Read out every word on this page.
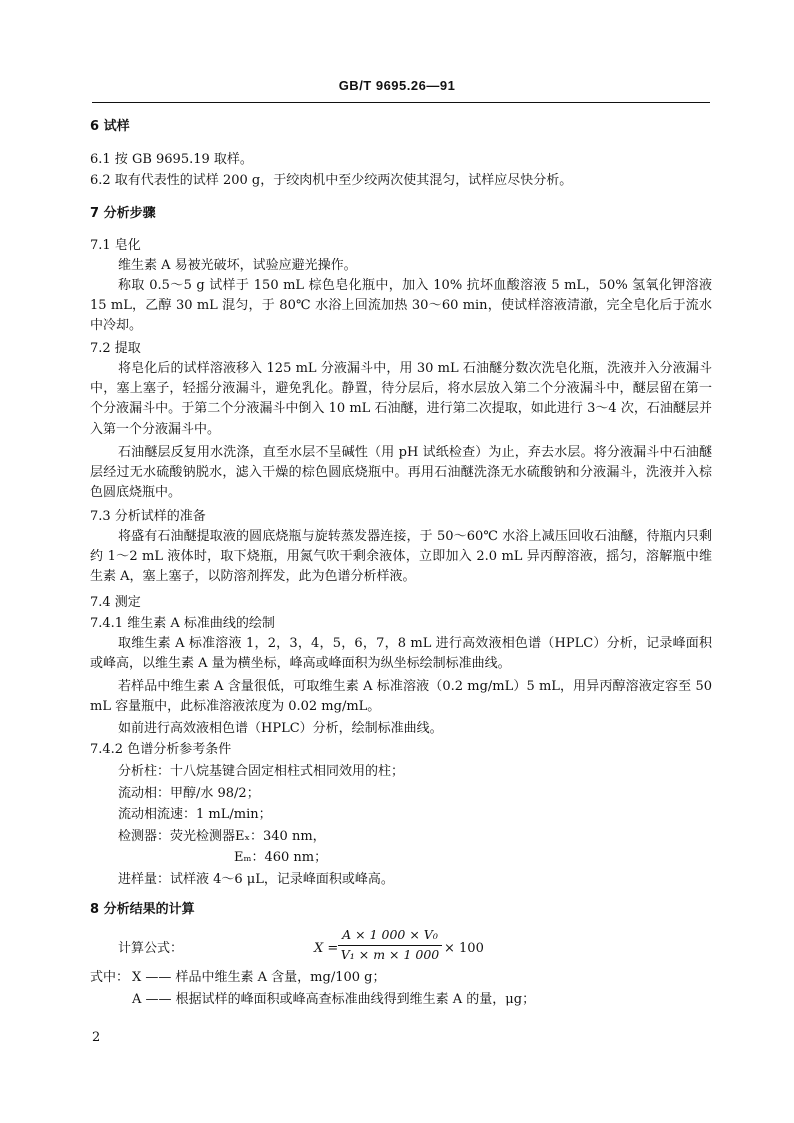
GB/T 9695.26—91
6 试样
6.1 按 GB 9695.19 取样。
6.2 取有代表性的试样 200 g，于绞肉机中至少绞两次使其混匀，试样应尽快分析。
7 分析步骤
7.1 皂化
维生素 A 易被光破坏，试验应避光操作。
称取 0.5～5 g 试样于 150 mL 棕色皂化瓶中，加入 10% 抗坏血酸溶液 5 mL，50% 氢氧化钾溶液 15 mL，乙醇 30 mL 混匀，于 80℃ 水浴上回流加热 30～60 min，使试样溶液清澈，完全皂化后于流水中冷却。
7.2 提取
将皂化后的试样溶液移入 125 mL 分液漏斗中，用 30 mL 石油醚分数次洗皂化瓶，洗液并入分液漏斗中，塞上塞子，轻摇分液漏斗，避免乳化。静置，待分层后，将水层放入第二个分液漏斗中，醚层留在第一个分液漏斗中。于第二个分液漏斗中倒入 10 mL 石油醚，进行第二次提取，如此进行 3～4 次，石油醚层并入第一个分液漏斗中。
石油醚层反复用水洗涤，直至水层不呈碱性（用 pH 试纸检查）为止，弃去水层。将分液漏斗中石油醚层经过无水硫酸钠脱水，滤入干燥的棕色圆底烧瓶中。再用石油醚洗涤无水硫酸钠和分液漏斗，洗液并入棕色圆底烧瓶中。
7.3 分析试样的准备
将盛有石油醚提取液的圆底烧瓶与旋转蒸发器连接，于 50～60℃ 水浴上减压回收石油醚，待瓶内只剩约 1～2 mL 液体时，取下烧瓶，用氮气吹干剩余液体，立即加入 2.0 mL 异丙醇溶液，摇匀，溶解瓶中维生素 A，塞上塞子，以防溶剂挥发，此为色谱分析样液。
7.4 测定
7.4.1 维生素 A 标准曲线的绘制
取维生素 A 标准溶液 1，2，3，4，5，6，7，8 mL 进行高效液相色谱（HPLC）分析，记录峰面积或峰高，以维生素 A 量为横坐标，峰高或峰面积为纵坐标绘制标准曲线。
若样品中维生素 A 含量很低，可取维生素 A 标准溶液（0.2 mg/mL）5 mL，用异丙醇溶液定容至 50 mL 容量瓶中，此标准溶液浓度为 0.02 mg/mL。
如前进行高效液相色谱（HPLC）分析，绘制标准曲线。
7.4.2 色谱分析参考条件
分析柱：十八烷基键合固定相柱式相同效用的柱；
流动相：甲醇/水 98/2；
流动相流速：1 mL/min；
检测器：荧光检测器Eₓ：340 nm，
Eₘ：460 nm；
进样量：试样液 4～6 μL，记录峰面积或峰高。
8 分析结果的计算
计算公式：	X =
A × 1 000 × V₀
V₁ × m × 1 000 × 100
式中： X —— 样品中维生素 A 含量，mg/100 g；
A —— 根据试样的峰面积或峰高查标准曲线得到维生素 A 的量，μg；
2
